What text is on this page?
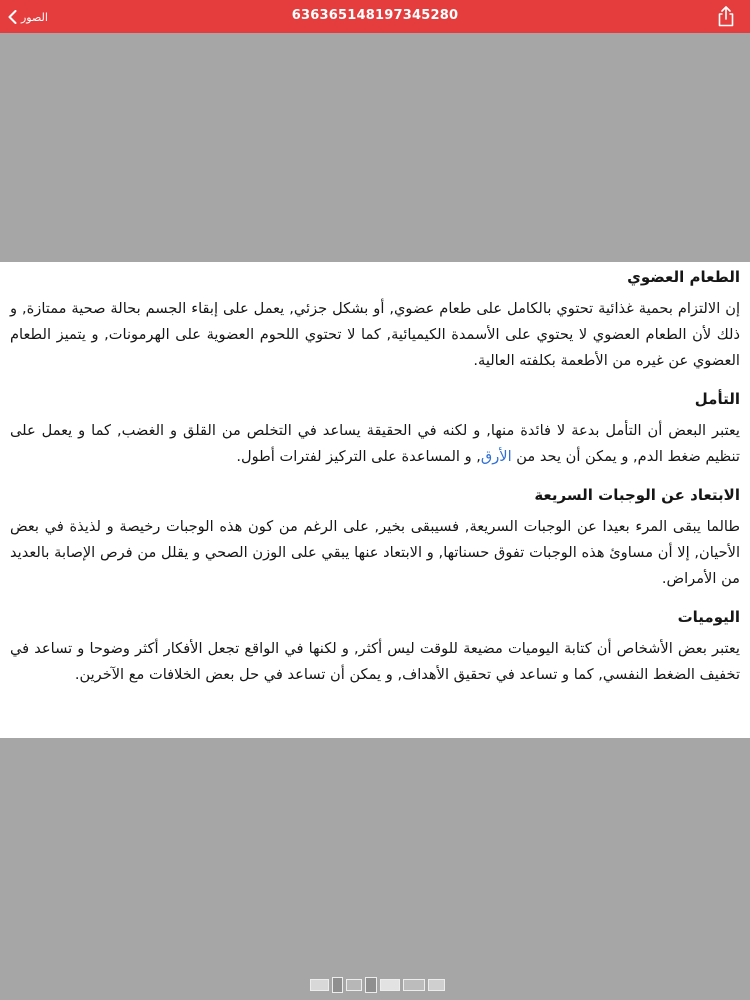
الصور	636365148197345280
الطعام العضوي
إن الالتزام بحمية غذائية تحتوي بالكامل على طعام عضوي, أو بشكل جزئي, يعمل على إبقاء الجسم بحالة صحية ممتازة, و ذلك لأن الطعام العضوي لا يحتوي على الأسمدة الكيميائية, كما لا تحتوي اللحوم العضوية على الهرمونات, و يتميز الطعام العضوي عن غيره من الأطعمة بكلفته العالية.
التأمل
يعتبر البعض أن التأمل بدعة لا فائدة منها, و لكنه في الحقيقة يساعد في التخلص من القلق و الغضب, كما و يعمل على تنظيم ضغط الدم, و يمكن أن يحد من الأرق, و المساعدة على التركيز لفترات أطول.
الابتعاد عن الوجبات السريعة
طالما يبقى المرء بعيدا عن الوجبات السريعة, فسيبقى بخير, على الرغم من كون هذه الوجبات رخيصة و لذيذة في بعض الأحيان, إلا أن مساوئ هذه الوجبات تفوق حسناتها, و الابتعاد عنها يبقي على الوزن الصحي و يقلل من فرص الإصابة بالعديد من الأمراض.
اليوميات
يعتبر بعض الأشخاص أن كتابة اليوميات مضيعة للوقت ليس أكثر, و لكنها في الواقع تجعل الأفكار أكثر وضوحا و تساعد في تخفيف الضغط النفسي, كما و تساعد في تحقيق الأهداف, و يمكن أن تساعد في حل بعض الخلافات مع الآخرين.
